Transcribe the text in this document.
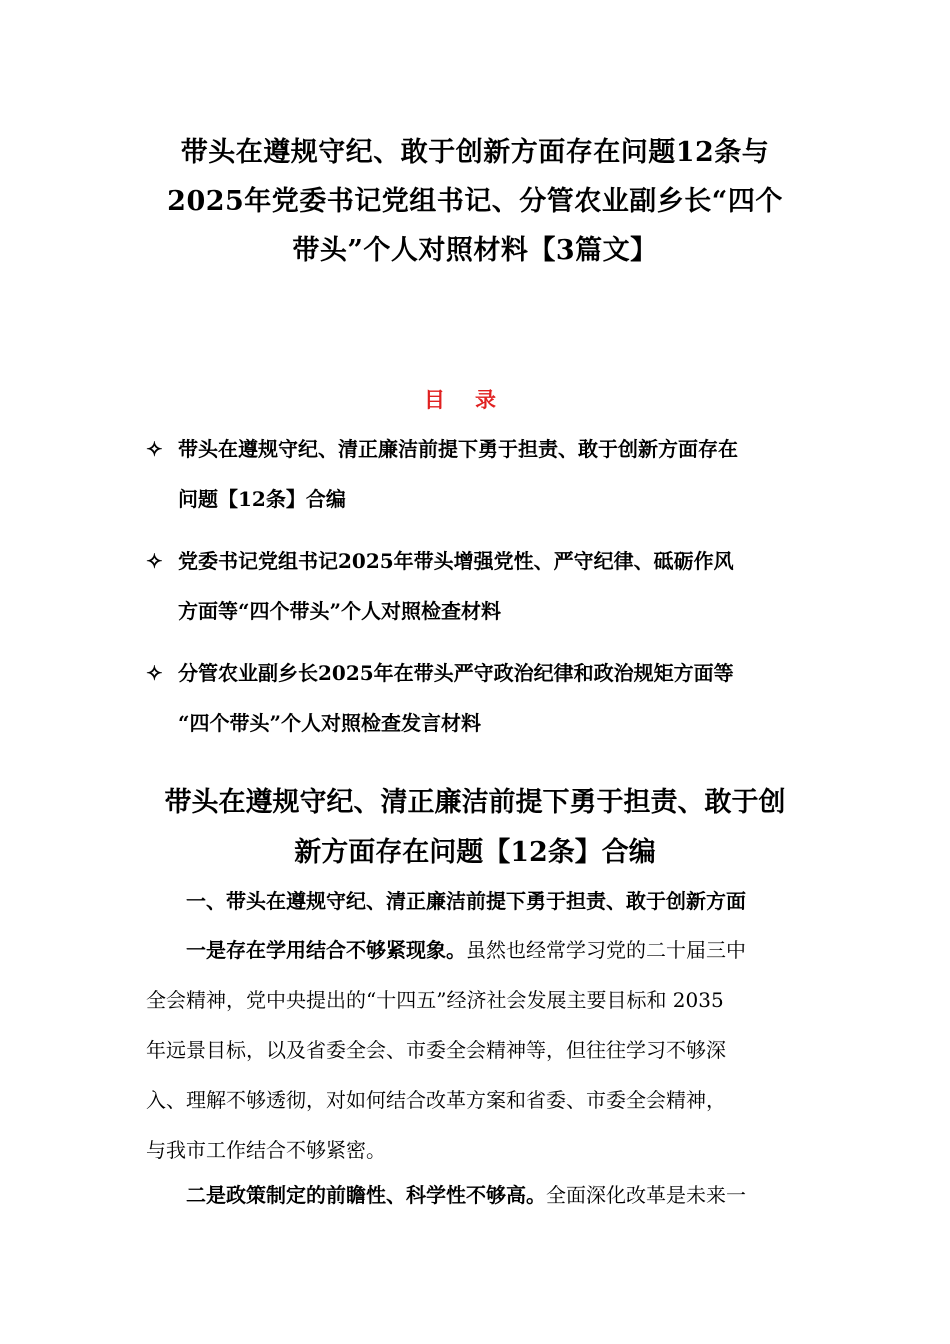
带头在遵规守纪、敢于创新方面存在问题12条与
2025年党委书记党组书记、分管农业副乡长“四个
带头”个人对照材料【3篇文】
目录
✧ 带头在遵规守纪、清正廉洁前提下勇于担责、敢于创新方面存在
问题【12条】合编
✧ 党委书记党组书记2025年带头增强党性、严守纪律、砥砺作风
方面等“四个带头”个人对照检查材料
✧ 分管农业副乡长2025年在带头严守政治纪律和政治规矩方面等
“四个带头”个人对照检查发言材料
带头在遵规守纪、清正廉洁前提下勇于担责、敢于创
新方面存在问题【12条】合编
一、带头在遵规守纪、清正廉洁前提下勇于担责、敢于创新方面
一是存在学用结合不够紧现象。虽然也经常学习党的二十届三中
全会精神，党中央提出的“十四五”经济社会发展主要目标和 2035
年远景目标，以及省委全会、市委全会精神等，但往往学习不够深
入、理解不够透彻，对如何结合改革方案和省委、市委全会精神，
与我市工作结合不够紧密。
二是政策制定的前瞻性、科学性不够高。全面深化改革是未来一
